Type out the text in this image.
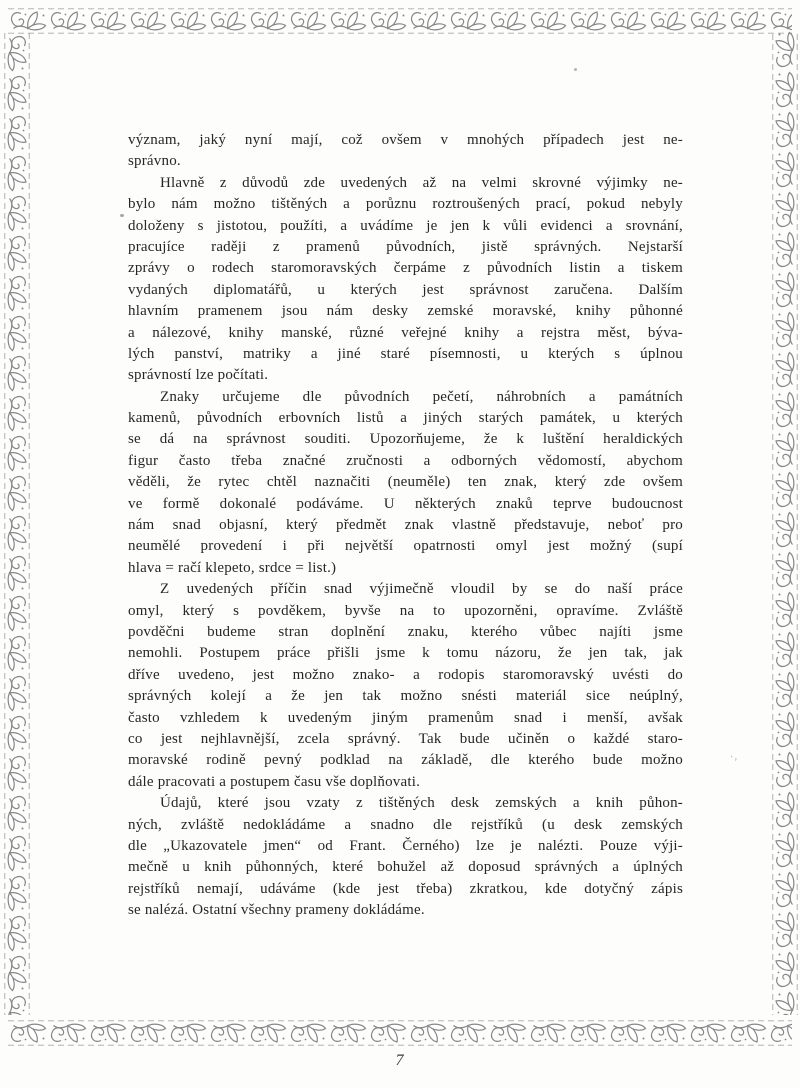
význam, jaký nyní mají, což ovšem v mnohých případech jest ne-
správno.
Hlavně z důvodů zde uvedených až na velmi skrovné výjimky ne-
bylo nám možno tištěných a porůznu roztroušených prací, pokud nebyly
doloženy s jistotou, použíti, a uvádíme je jen k vůli evidenci a srovnání,
pracujíce raději z pramenů původních, jistě správných. Nejstarší
zprávy o rodech staromoravských čerpáme z původních listin a tiskem
vydaných diplomatářů, u kterých jest správnost zaručena. Dalším
hlavním pramenem jsou nám desky zemské moravské, knihy půhonné
a nálezové, knihy manské, různé veřejné knihy a rejstra měst, býva-
lých panství, matriky a jiné staré písemnosti, u kterých s úplnou
správností lze počítati.
Znaky určujeme dle původních pečetí, náhrobních a památních
kamenů, původních erbovních listů a jiných starých památek, u kterých
se dá na správnost souditi. Upozorňujeme, že k luštění heraldických
figur často třeba značné zručnosti a odborných vědomostí, abychom
věděli, že rytec chtěl naznačiti (neuměle) ten znak, který zde ovšem
ve formě dokonalé podáváme. U některých znaků teprve budoucnost
nám snad objasní, který předmět znak vlastně představuje, neboť pro
neumělé provedení i při největší opatrnosti omyl jest možný (supí
hlava = račí klepeto, srdce = list.)
Z uvedených příčin snad výjimečně vloudil by se do naší práce
omyl, který s povděkem, byvše na to upozorněni, opravíme. Zvláště
povděčni budeme stran doplnění znaku, kterého vůbec najíti jsme
nemohli. Postupem práce přišli jsme k tomu názoru, že jen tak, jak
dříve uvedeno, jest možno znako- a rodopis staromoravský uvésti do
správných kolejí a že jen tak možno snésti materiál sice neúplný,
často vzhledem k uvedeným jiným pramenům snad i menší, avšak
co jest nejhlavnější, zcela správný. Tak bude učiněn o každé staro-
moravské rodině pevný podklad na základě, dle kterého bude možno
dále pracovati a postupem času vše doplňovati.
Údajů, které jsou vzaty z tištěných desk zemských a knih půhon-
ných, zvláště nedokládáme a snadno dle rejstříků (u desk zemských
dle „Ukazovatele jmen“ od Frant. Černého) lze je nalézti. Pouze výji-
mečně u knih půhonných, které bohužel až doposud správných a úplných
rejstříků nemají, udáváme (kde jest třeba) zkratkou, kde dotyčný zápis
se nalézá. Ostatní všechny prameny dokládáme.
·,
7
